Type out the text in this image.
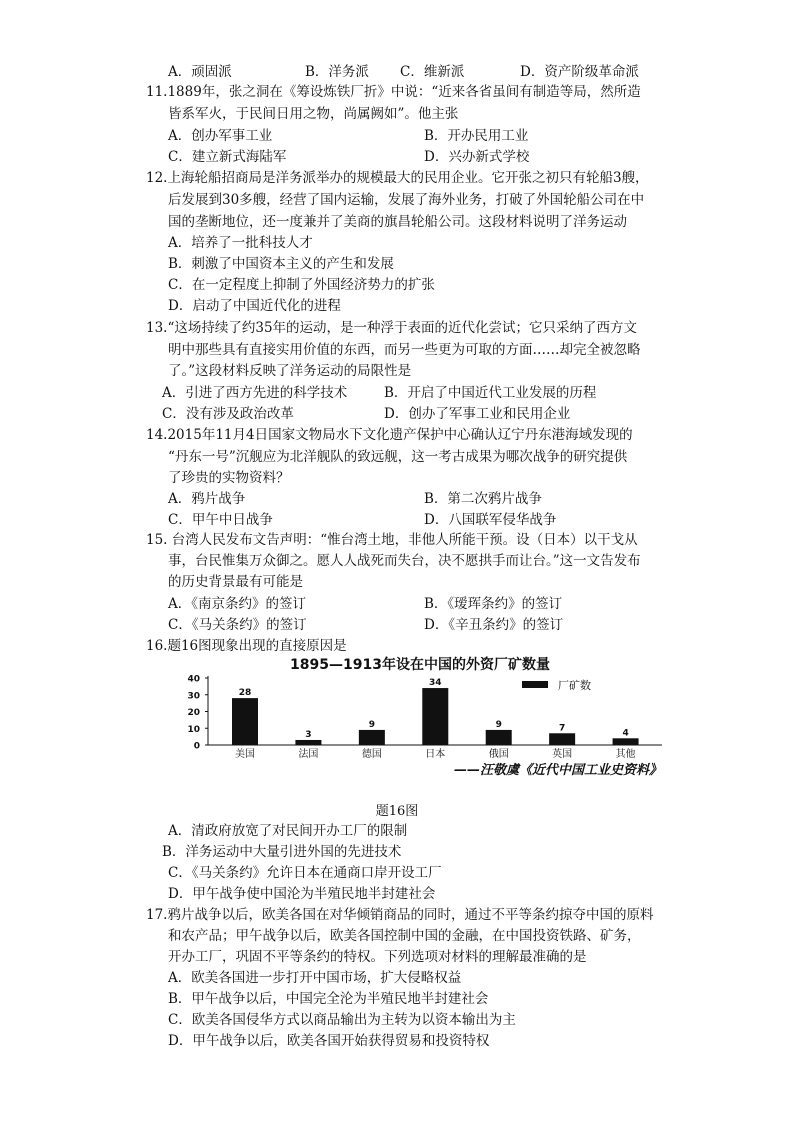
A．顽固派	B．洋务派 C．维新派	D．资产阶级革命派
11.1889年，张之洞在《筹设炼铁厂折》中说：“近来各省虽间有制造等局，然所造
皆系军火，于民间日用之物，尚属阙如”。他主张
A．创办军事工业	B．开办民用工业
C．建立新式海陆军	D．兴办新式学校
12.上海轮船招商局是洋务派举办的规模最大的民用企业。它开张之初只有轮船3艘，
后发展到30多艘，经营了国内运输，发展了海外业务，打破了外国轮船公司在中
国的垄断地位，还一度兼并了美商的旗昌轮船公司。这段材料说明了洋务运动
A．培养了一批科技人才
B．刺激了中国资本主义的产生和发展
C．在一定程度上抑制了外国经济势力的扩张
D．启动了中国近代化的进程
13.“这场持续了约35年的运动，是一种浮于表面的近代化尝试；它只采纳了西方文
明中那些具有直接实用价值的东西，而另一些更为可取的方面……却完全被忽略
了。”这段材料反映了洋务运动的局限性是
A．引进了西方先进的科学技术	B．开启了中国近代工业发展的历程
C．没有涉及政治改革	D．创办了军事工业和民用企业
14.2015年11月4日国家文物局水下文化遗产保护中心确认辽宁丹东港海域发现的
“丹东一号”沉舰应为北洋舰队的致远舰，这一考古成果为哪次战争的研究提供
了珍贵的实物资料？
A．鸦片战争	B．第二次鸦片战争
C．甲午中日战争	D．八国联军侵华战争
15. 台湾人民发布文告声明：“惟台湾土地，非他人所能干预。设（日本）以干戈从
事，台民惟集万众御之。愿人人战死而失台，决不愿拱手而让台。”这一文告发布
的历史背景最有可能是
A．《南京条约》的签订	B．《瑷珲条约》的签订
C．《马关条约》的签订	D．《辛丑条约》的签订
16.题16图现象出现的直接原因是
1895—1913年设在中国的外资厂矿数量
0
10
20
30
40
28
美国
3
法国
9
德国
34
日本
9
俄国
7
英国
4
其他
厂矿数
——汪敬虞《近代中国工业史资料》
题16图
A．清政府放宽了对民间开办工厂的限制
B．洋务运动中大量引进外国的先进技术
C．《马关条约》允许日本在通商口岸开设工厂
D．甲午战争使中国沦为半殖民地半封建社会
17.鸦片战争以后，欧美各国在对华倾销商品的同时，通过不平等条约掠夺中国的原料
和农产品；甲午战争以后，欧美各国控制中国的金融，在中国投资铁路、矿务，
开办工厂，巩固不平等条约的特权。下列选项对材料的理解最准确的是
A．欧美各国进一步打开中国市场，扩大侵略权益
B．甲午战争以后，中国完全沦为半殖民地半封建社会
C．欧美各国侵华方式以商品输出为主转为以资本输出为主
D．甲午战争以后，欧美各国开始获得贸易和投资特权
